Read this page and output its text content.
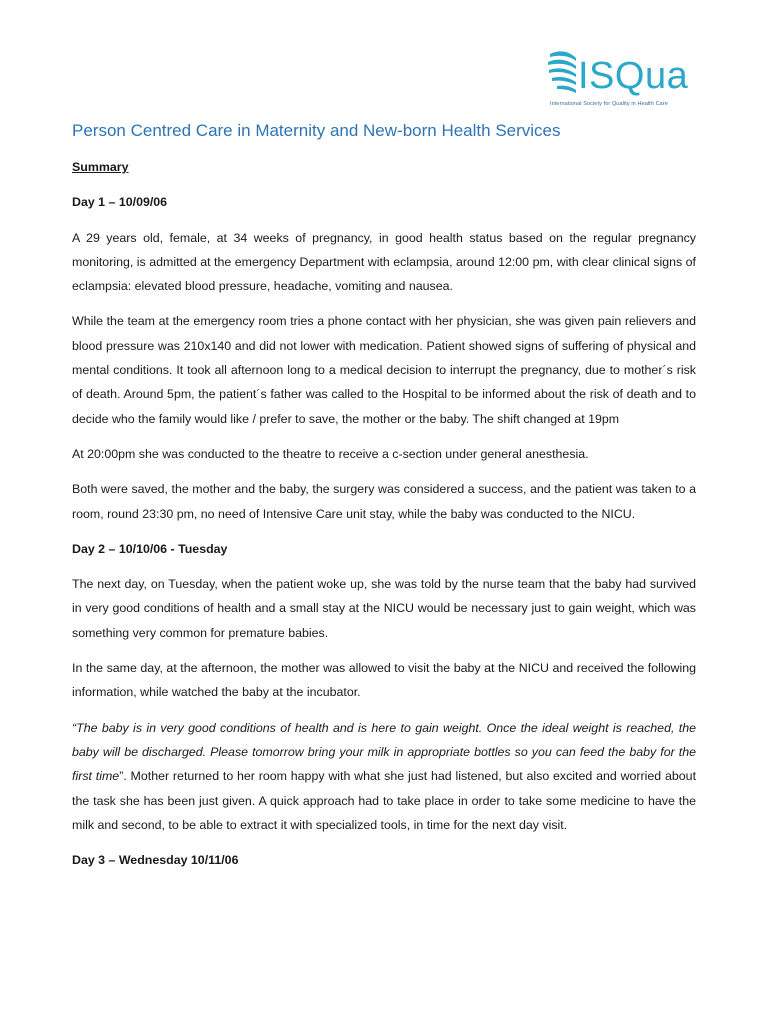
ISQua
International Society for Quality in Health Care
Person Centred Care in Maternity and New-born Health Services
Summary
Day 1 – 10/09/06
A 29 years old, female, at 34 weeks of pregnancy, in good health status based on the regular pregnancy monitoring, is admitted at the emergency Department with eclampsia, around 12:00 pm, with clear clinical signs of eclampsia: elevated blood pressure, headache, vomiting and nausea.
While the team at the emergency room tries a phone contact with her physician, she was given pain relievers and blood pressure was 210x140 and did not lower with medication. Patient showed signs of suffering of physical and mental conditions. It took all afternoon long to a medical decision to interrupt the pregnancy, due to mother´s risk of death. Around 5pm, the patient´s father was called to the Hospital to be informed about the risk of death and to decide who the family would like / prefer to save, the mother or the baby. The shift changed at 19pm
At 20:00pm she was conducted to the theatre to receive a c-section under general anesthesia.
Both were saved, the mother and the baby, the surgery was considered a success, and the patient was taken to a room, round 23:30 pm, no need of Intensive Care unit stay, while the baby was conducted to the NICU.
Day 2 – 10/10/06 - Tuesday
The next day, on Tuesday, when the patient woke up, she was told by the nurse team that the baby had survived in very good conditions of health and a small stay at the NICU would be necessary just to gain weight, which was something very common for premature babies.
In the same day, at the afternoon, the mother was allowed to visit the baby at the NICU and received the following information, while watched the baby at the incubator.
“The baby is in very good conditions of health and is here to gain weight. Once the ideal weight is reached, the baby will be discharged. Please tomorrow bring your milk in appropriate bottles so you can feed the baby for the first time”. Mother returned to her room happy with what she just had listened, but also excited and worried about the task she has been just given. A quick approach had to take place in order to take some medicine to have the milk and second, to be able to extract it with specialized tools, in time for the next day visit.
Day 3 – Wednesday 10/11/06
